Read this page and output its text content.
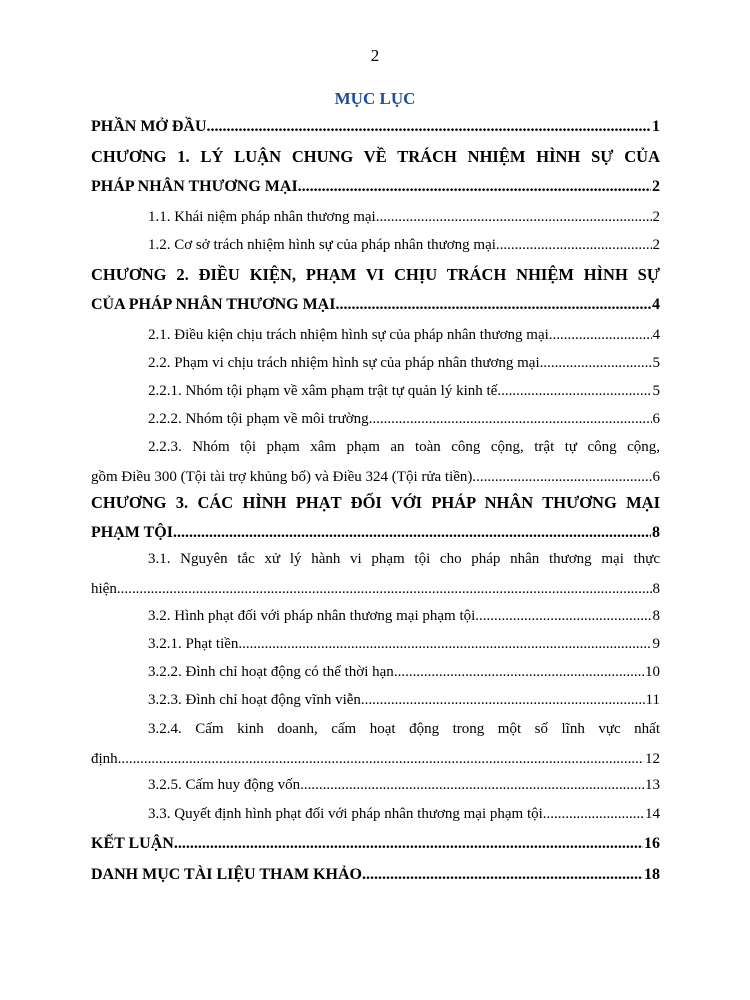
2
MỤC LỤC
PHẦN MỞ ĐẦU .....	1
CHƯƠNG 1. LÝ LUẬN CHUNG VỀ TRÁCH NHIỆM HÌNH SỰ CỦA
PHÁP NHÂN THƯƠNG MẠI .....	2
1.1. Khái niệm pháp nhân thương mại .....	2
1.2. Cơ sở trách nhiệm hình sự của pháp nhân thương mại .....	2
CHƯƠNG 2. ĐIỀU KIỆN, PHẠM VI CHỊU TRÁCH NHIỆM HÌNH SỰ
CỦA PHÁP NHÂN THƯƠNG MẠI .....	4
2.1. Điều kiện chịu trách nhiệm hình sự của pháp nhân thương mại .....	4
2.2. Phạm vi chịu trách nhiệm hình sự của pháp nhân thương mại .....	5
2.2.1. Nhóm tội phạm về xâm phạm trật tự quản lý kinh tế .....	5
2.2.2. Nhóm tội phạm về môi trường .....	6
2.2.3. Nhóm tội phạm xâm phạm an toàn công cộng, trật tự công cộng,
gồm Điều 300 (Tội tài trợ khủng bố) và Điều 324 (Tội rửa tiền) .....	6
CHƯƠNG 3. CÁC HÌNH PHẠT ĐỐI VỚI PHÁP NHÂN THƯƠNG MẠI
PHẠM TỘI .....	8
3.1. Nguyên tắc xử lý hành vi phạm tội cho pháp nhân thương mại thực
hiện .....	8
3.2. Hình phạt đối với pháp nhân thương mại phạm tội .....	8
3.2.1. Phạt tiền .....	9
3.2.2. Đình chỉ hoạt động có thể thời hạn .....	10
3.2.3. Đình chỉ hoạt động vĩnh viễn .....	11
3.2.4. Cấm kinh doanh, cấm hoạt động trong một số lĩnh vực nhất
định .....	12
3.2.5. Cấm huy động vốn .....	13
3.3. Quyết định hình phạt đối với pháp nhân thương mại phạm tội .....	14
KẾT LUẬN .....	16
DANH MỤC TÀI LIỆU THAM KHẢO .....	18
